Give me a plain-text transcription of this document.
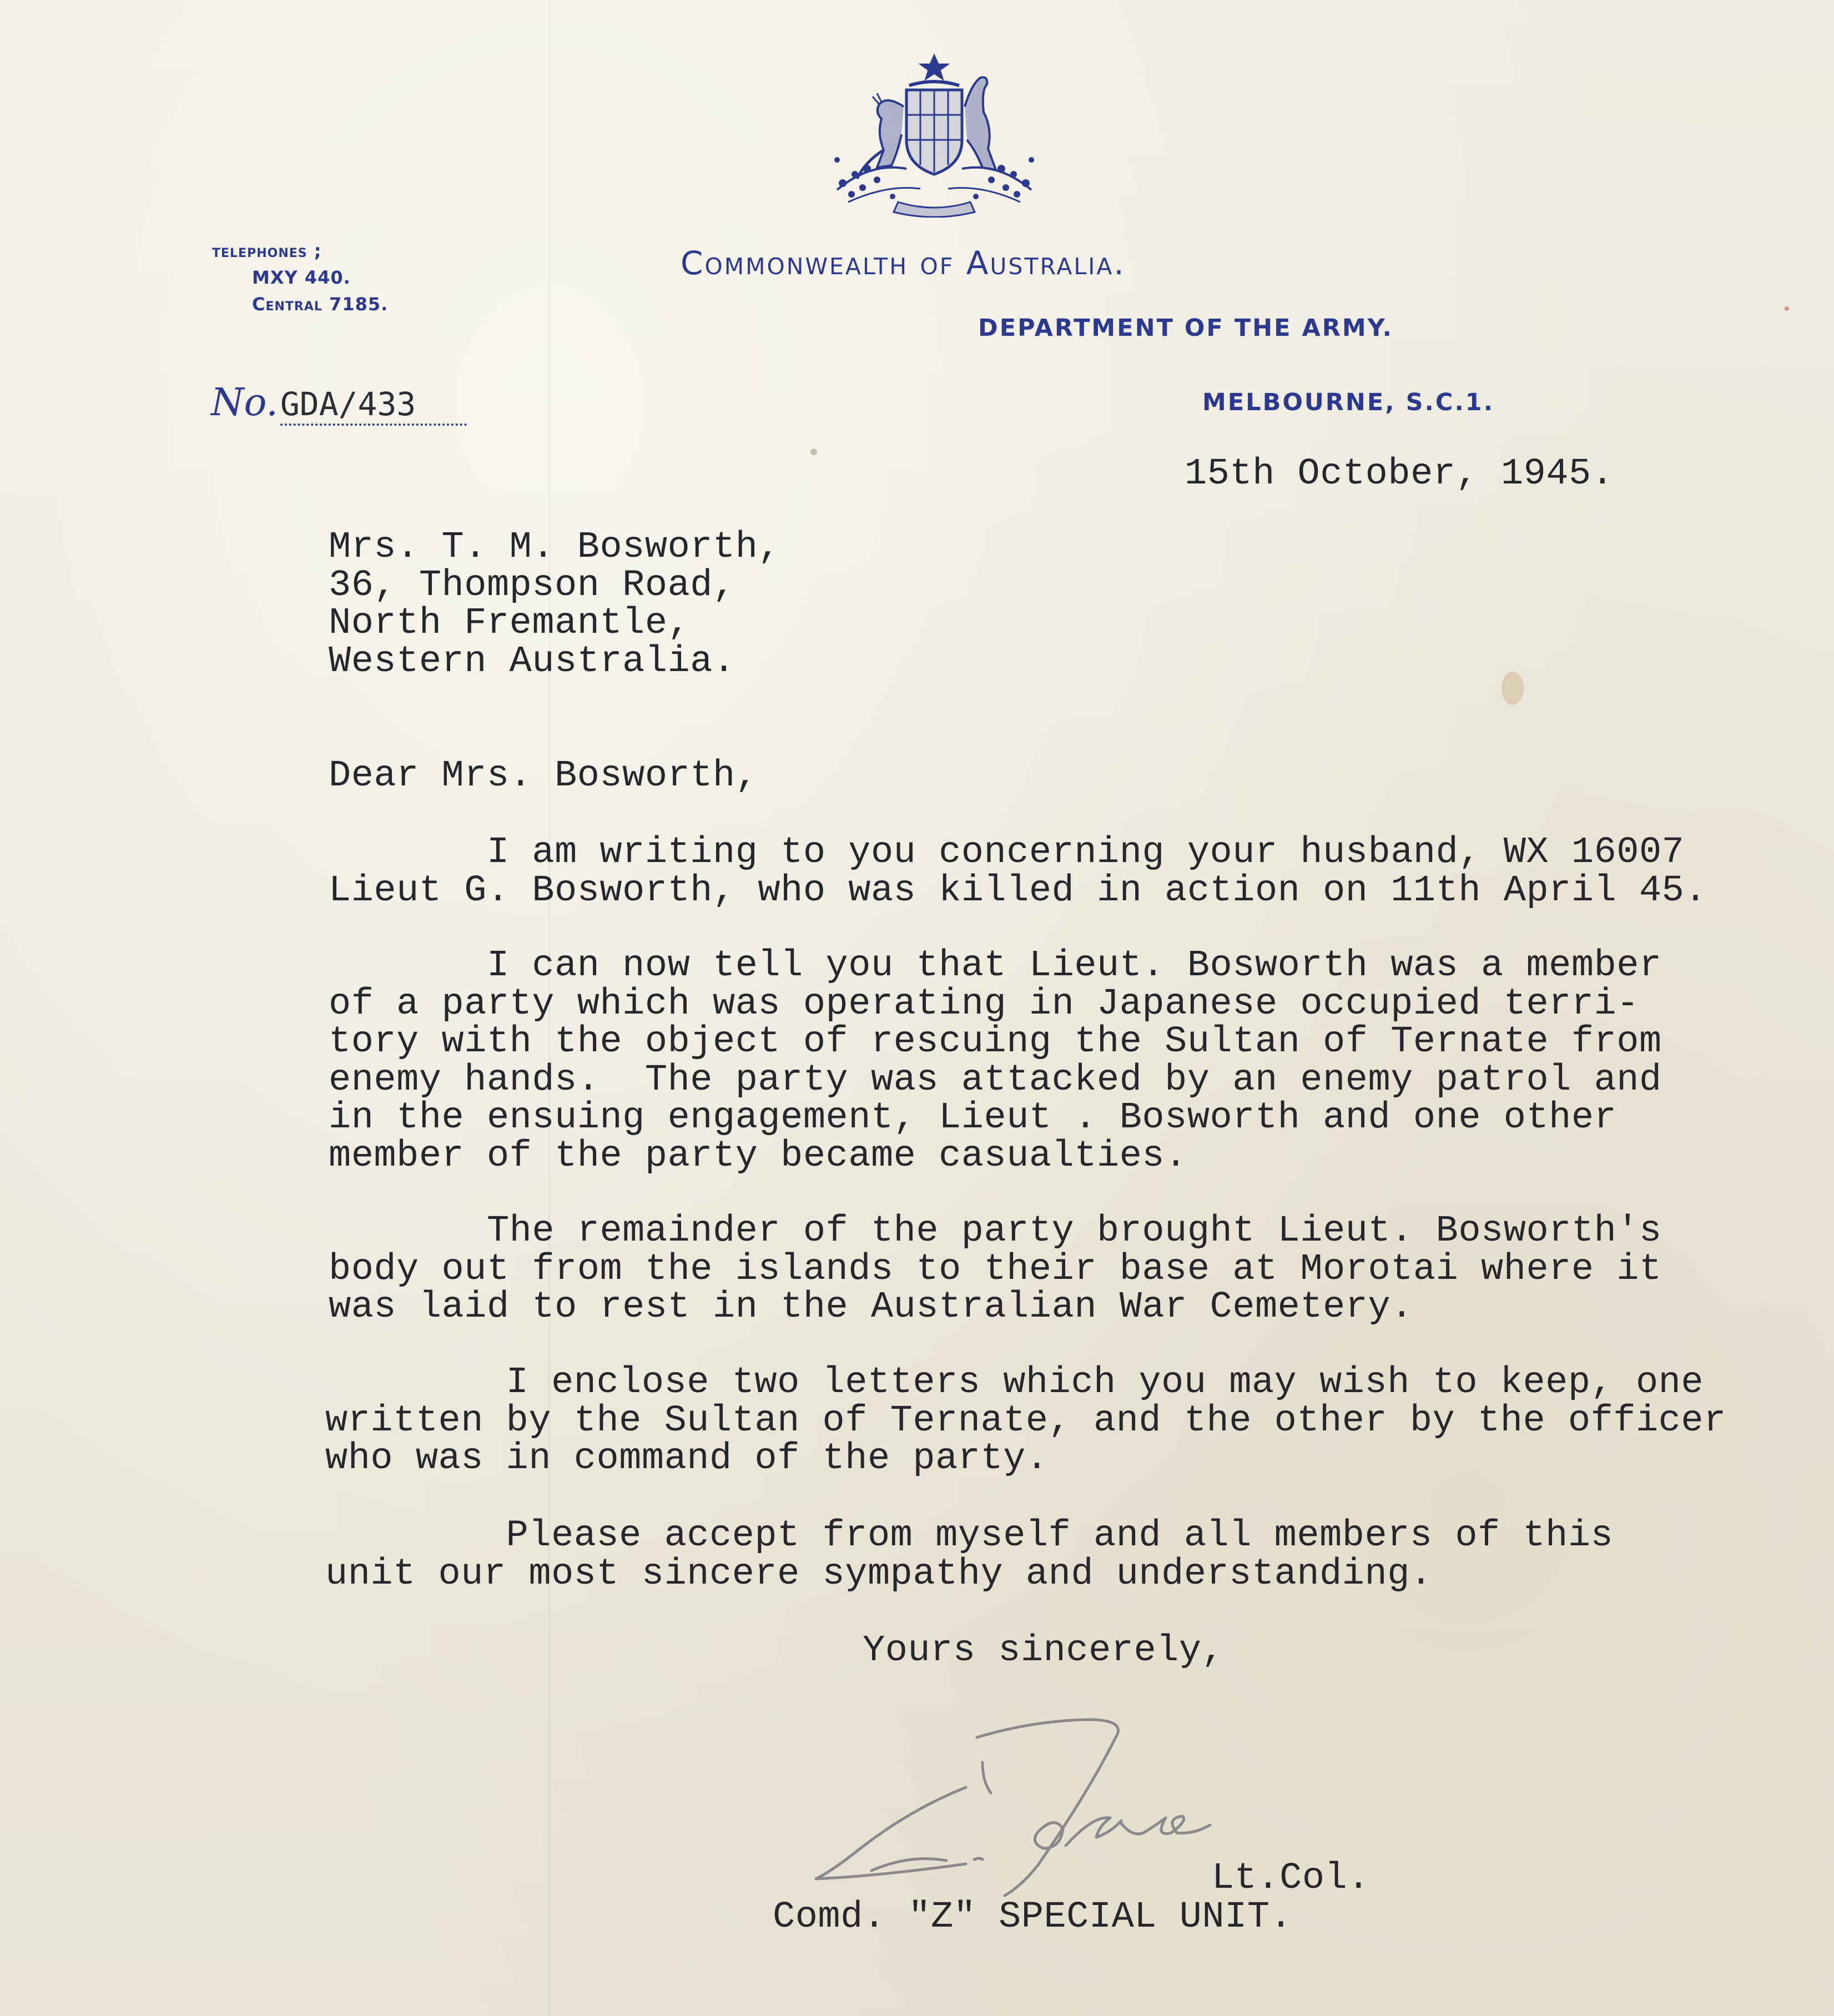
telephones ;
MXY 440.
Central 7185.
Commonwealth of Australia.
DEPARTMENT OF THE ARMY.
MELBOURNE, S.C.1.
No. GDA/433
15th October, 1945.
Mrs. T. M. Bosworth,
36, Thompson Road,
North Fremantle,
Western Australia.
Dear Mrs. Bosworth,
I am writing to you concerning your husband, WX 16007
Lieut G. Bosworth, who was killed in action on 11th April 45.
I can now tell you that Lieut. Bosworth was a member
of a party which was operating in Japanese occupied terri-
tory with the object of rescuing the Sultan of Ternate from
enemy hands.  The party was attacked by an enemy patrol and
in the ensuing engagement, Lieut . Bosworth and one other
member of the party became casualties.
The remainder of the party brought Lieut. Bosworth's
body out from the islands to their base at Morotai where it
was laid to rest in the Australian War Cemetery.
I enclose two letters which you may wish to keep, one
written by the Sultan of Ternate, and the other by the officer
who was in command of the party.
Please accept from myself and all members of this
unit our most sincere sympathy and understanding.
Yours sincerely,
Lt.Col.
Comd. "Z" SPECIAL UNIT.
